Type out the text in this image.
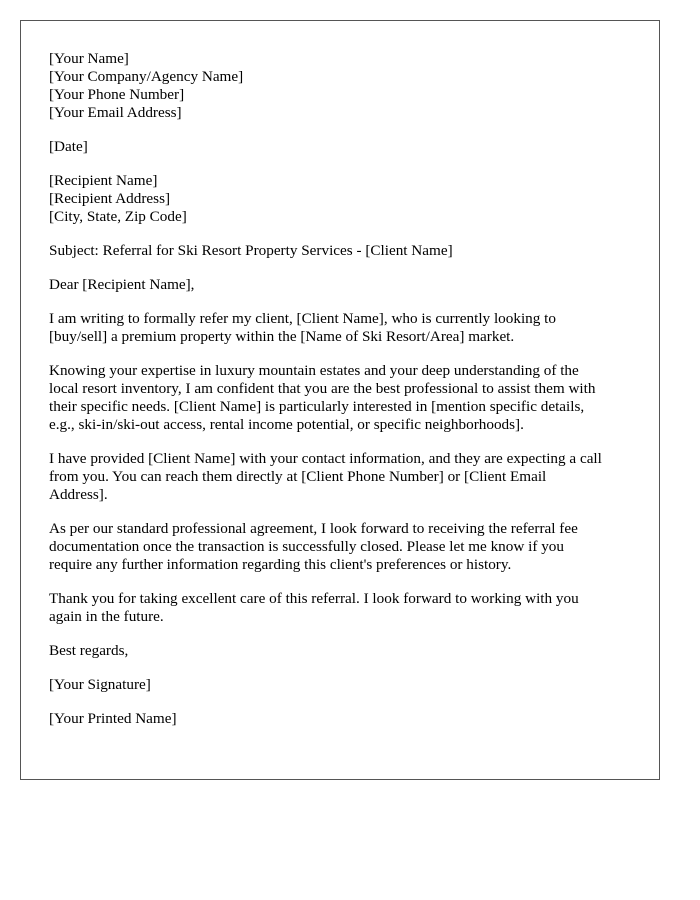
[Your Name]
[Your Company/Agency Name]
[Your Phone Number]
[Your Email Address]
[Date]
[Recipient Name]
[Recipient Address]
[City, State, Zip Code]
Subject: Referral for Ski Resort Property Services - [Client Name]
Dear [Recipient Name],
I am writing to formally refer my client, [Client Name], who is currently looking to
[buy/sell] a premium property within the [Name of Ski Resort/Area] market.
Knowing your expertise in luxury mountain estates and your deep understanding of the
local resort inventory, I am confident that you are the best professional to assist them with
their specific needs. [Client Name] is particularly interested in [mention specific details,
e.g., ski-in/ski-out access, rental income potential, or specific neighborhoods].
I have provided [Client Name] with your contact information, and they are expecting a call
from you. You can reach them directly at [Client Phone Number] or [Client Email
Address].
As per our standard professional agreement, I look forward to receiving the referral fee
documentation once the transaction is successfully closed. Please let me know if you
require any further information regarding this client's preferences or history.
Thank you for taking excellent care of this referral. I look forward to working with you
again in the future.
Best regards,
[Your Signature]
[Your Printed Name]
